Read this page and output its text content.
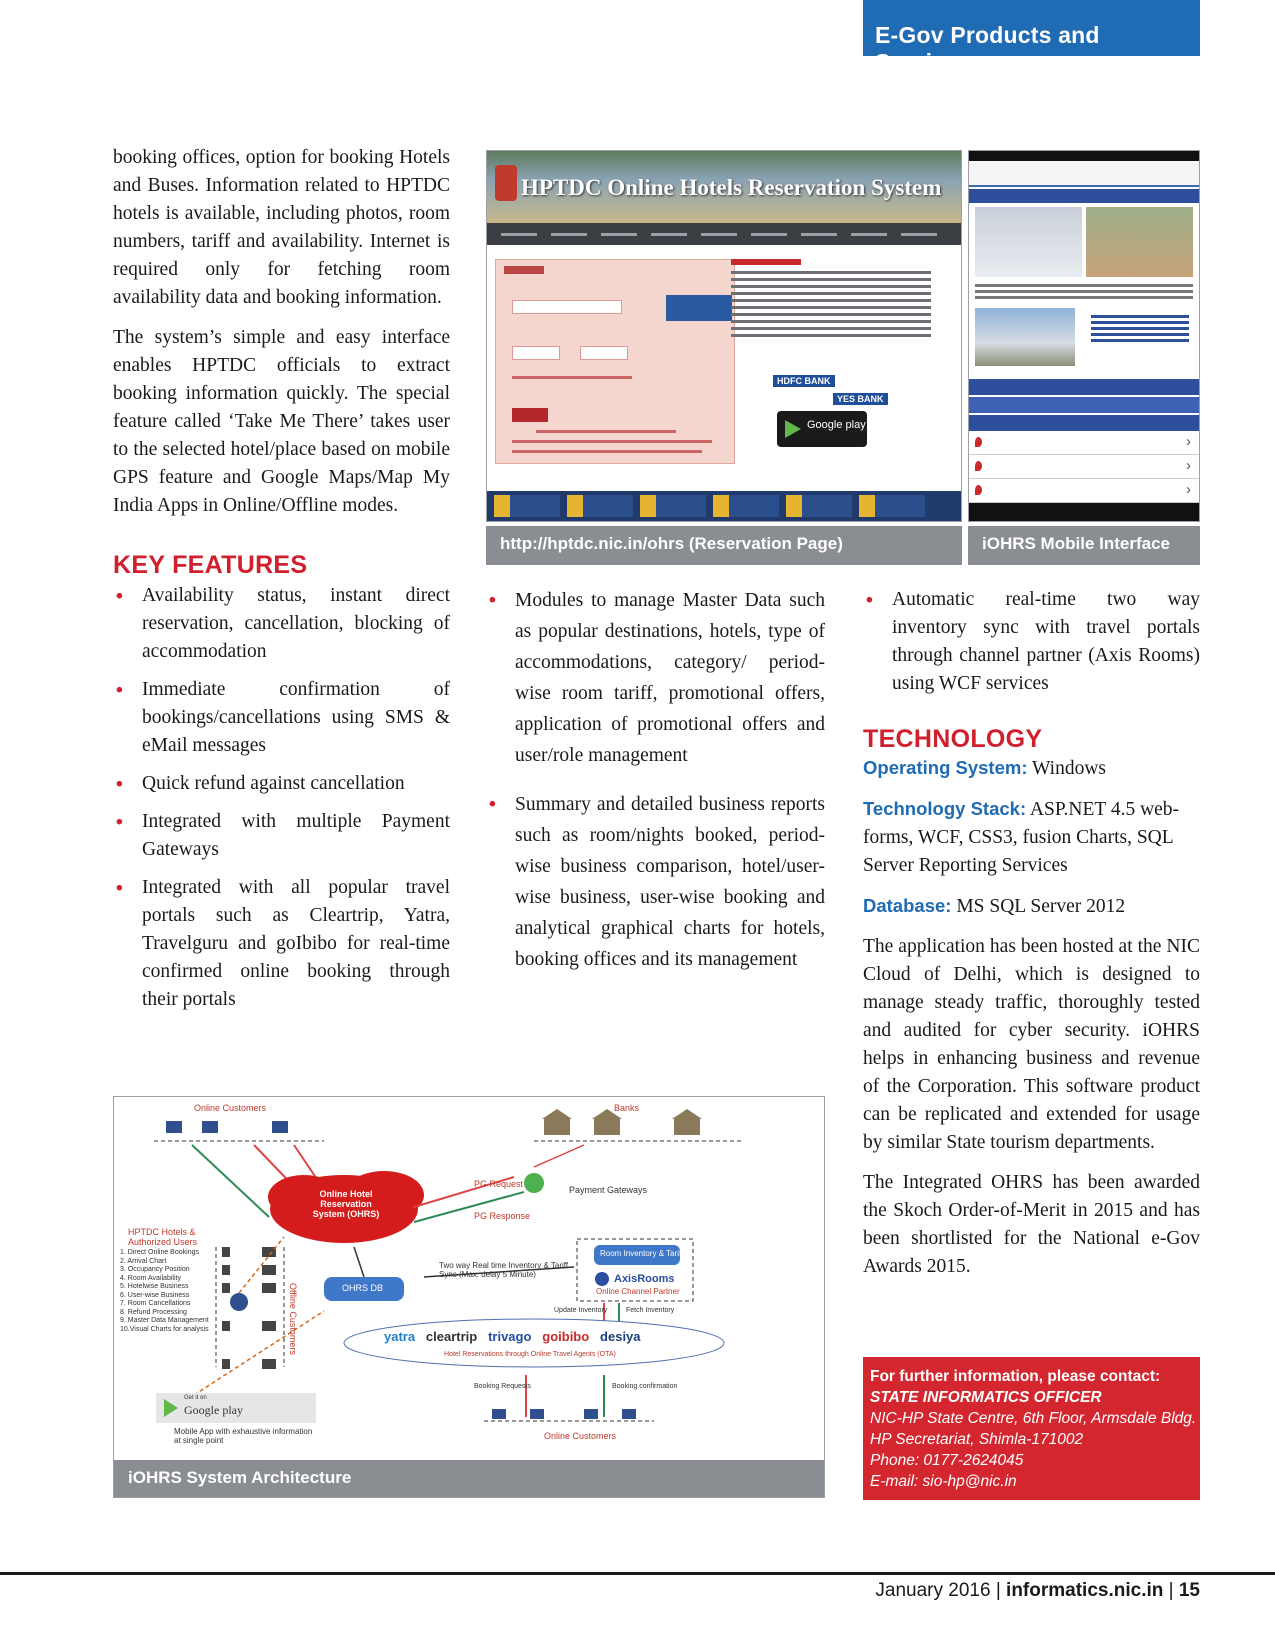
E-Gov Products and Services

booking offices, option for booking Hotels and Buses. Information related to HPTDC hotels is available, including photos, room numbers, tariff and availability. Internet is required only for fetching room availability data and booking information.

The system’s simple and easy interface enables HPTDC officials to extract booking information quickly. The special feature called ‘Take Me There’ takes user to the selected hotel/place based on mobile GPS feature and Google Maps/Map My India Apps in Online/Offline modes.

KEY FEATURES
• Availability status, instant direct reservation, cancellation, blocking of accommodation
• Immediate confirmation of bookings/cancellations using SMS & eMail messages
• Quick refund against cancellation
• Integrated with multiple Payment Gateways
• Integrated with all popular travel portals such as Cleartrip, Yatra, Travelguru and goIbibo for real-time confirmed online booking through their portals
HPTDC Online Hotels Reservation System
HDFC BANK
YES BANK
Google play
http://hptdc.nic.in/ohrs (Reservation Page)

›
›
›
›	iOHRS Mobile Interface
• Modules to manage Master Data such as popular destinations, hotels, type of accommodations, category/ period-wise room tariff, promotional offers, application of promotional offers and user/role management
• Summary and detailed business reports such as room/nights booked, period-wise business comparison, hotel/user-wise business, user-wise booking and analytical graphical charts for hotels, booking offices and its management
• Automatic real-time two way inventory sync with travel portals through channel partner (Axis Rooms) using WCF services
TECHNOLOGY

Operating System: Windows

Technology Stack: ASP.NET 4.5 web-forms, WCF, CSS3, fusion Charts, SQL Server Reporting Services

Database: MS SQL Server 2012

The application has been hosted at the NIC Cloud of Delhi, which is designed to manage steady traffic, thoroughly tested and audited for cyber security. iOHRS helps in enhancing business and revenue of the Corporation. This software product can be replicated and extended for usage by similar State tourism departments.

The Integrated OHRS has been awarded the Skoch Order-of-Merit in 2015 and has been shortlisted for the National e-Gov Awards 2015.

Online Customers	Banks
Online Hotel Reservation System (OHRS)
Payment Gateways
PG Request
PG Response
HPTDC Hotels & Authorized Users
1. Direct Online Bookings
2. Arrival Chart
3. Occupancy Position
4. Room Availability
5. Hotelwise Business
6. User-wise Business
7. Room Cancellations
8. Refund Processing
9. Master Data Management
10.Visual Charts for analysis	Offline Customers	OHRS DB
Two way Real time Inventory & Tariff Sync (Max. delay 5 Minute)
Room Inventory & Tariff
AxisRooms
Online Channel Partner
Update Inventory	Fetch Inventory
yatra cleartrip trivago goibibo desiya
Hotel Reservations through Online Travel Agents (OTA)
Booking Requests	Booking confirmation
Online Customers
Get it on
Google play
Mobile App with exhaustive information at single point
iOHRS System Architecture
For further information, please contact:
STATE INFORMATICS OFFICER
NIC-HP State Centre, 6th Floor, Armsdale Bldg.
HP Secretariat, Shimla-171002
Phone: 0177-2624045
E-mail: sio-hp@nic.in
January 2016 | informatics.nic.in | 15
